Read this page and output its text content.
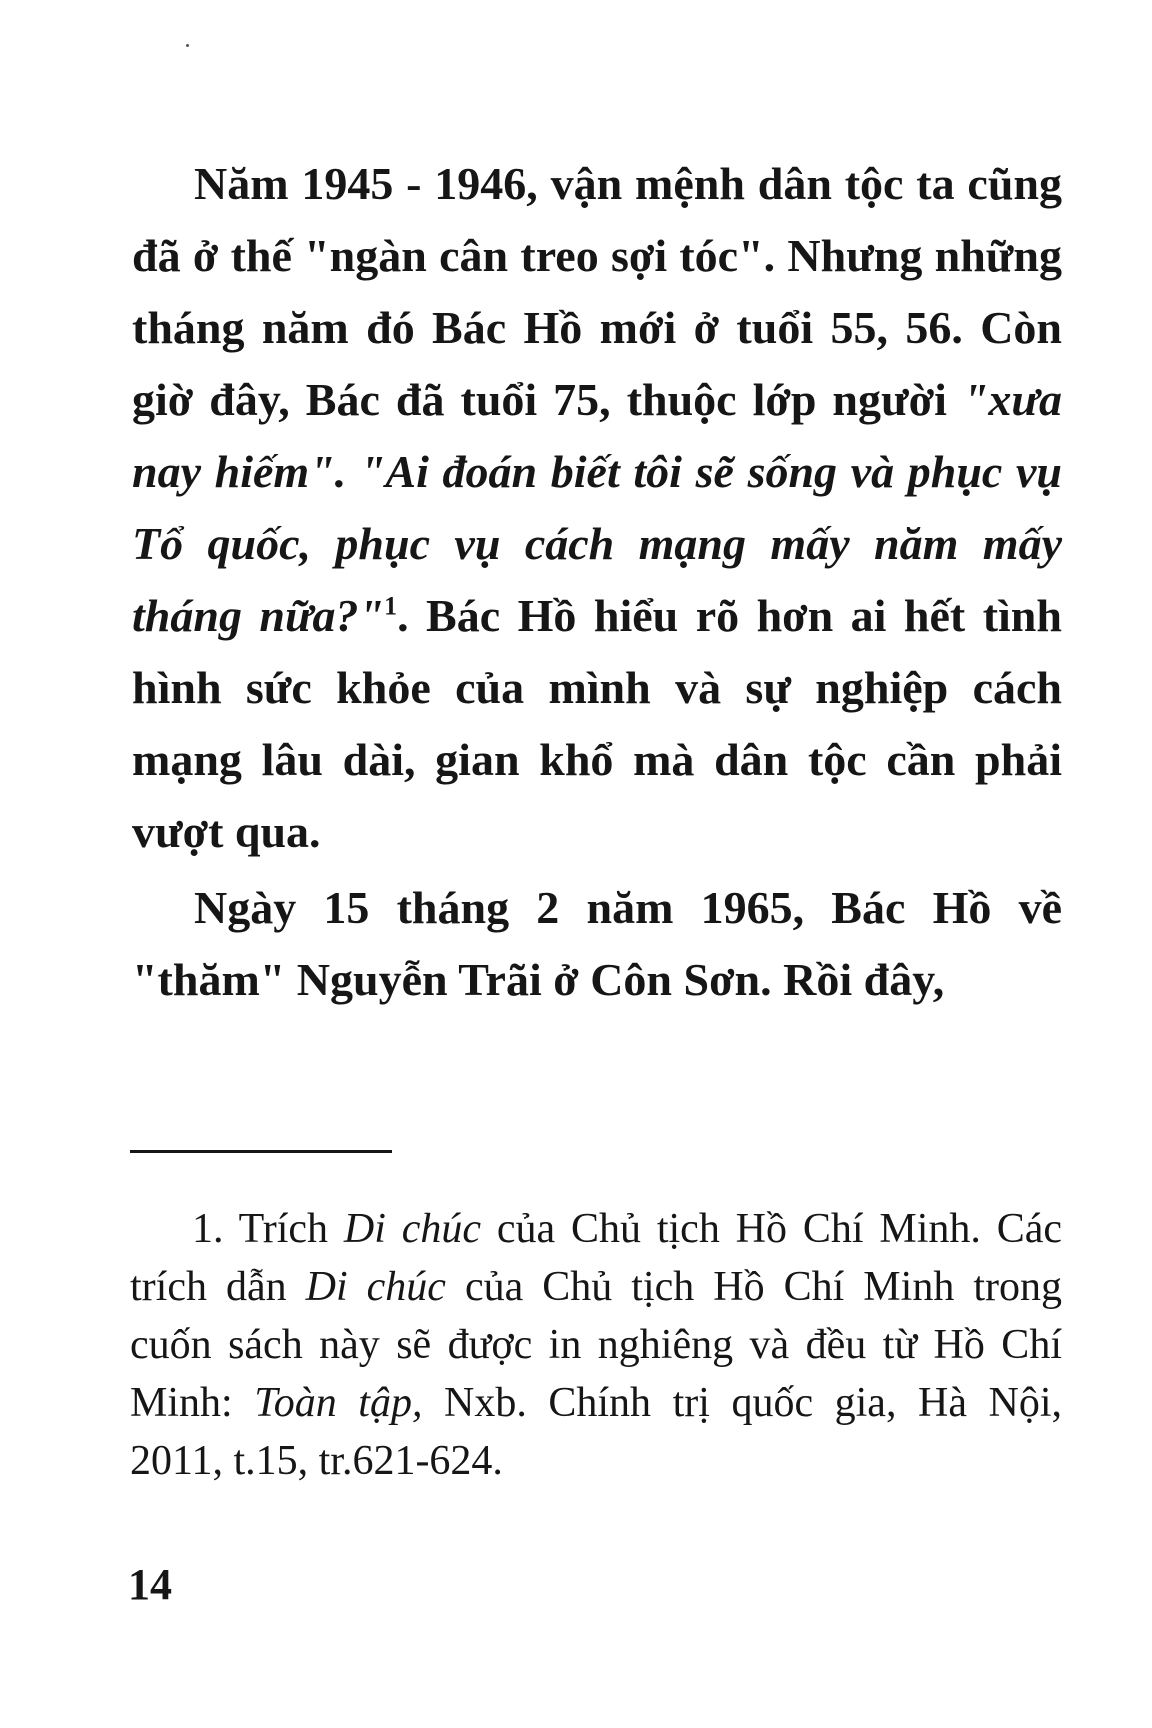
Năm 1945 - 1946, vận mệnh dân tộc ta cũng đã ở thế "ngàn cân treo sợi tóc". Nhưng những tháng năm đó Bác Hồ mới ở tuổi 55, 56. Còn giờ đây, Bác đã tuổi 75, thuộc lớp người "xưa nay hiếm". "Ai đoán biết tôi sẽ sống và phục vụ Tổ quốc, phục vụ cách mạng mấy năm mấy tháng nữa?"$^1$. Bác Hồ hiểu rõ hơn ai hết tình hình sức khỏe của mình và sự nghiệp cách mạng lâu dài, gian khổ mà dân tộc cần phải vượt qua.

Ngày 15 tháng 2 năm 1965, Bác Hồ về "thăm" Nguyễn Trãi ở Côn Sơn. Rồi đây,

1. Trích Di chúc của Chủ tịch Hồ Chí Minh. Các trích dẫn Di chúc của Chủ tịch Hồ Chí Minh trong cuốn sách này sẽ được in nghiêng và đều từ Hồ Chí Minh: Toàn tập, Nxb. Chính trị quốc gia, Hà Nội, 2011, t.15, tr.621-624.

14
